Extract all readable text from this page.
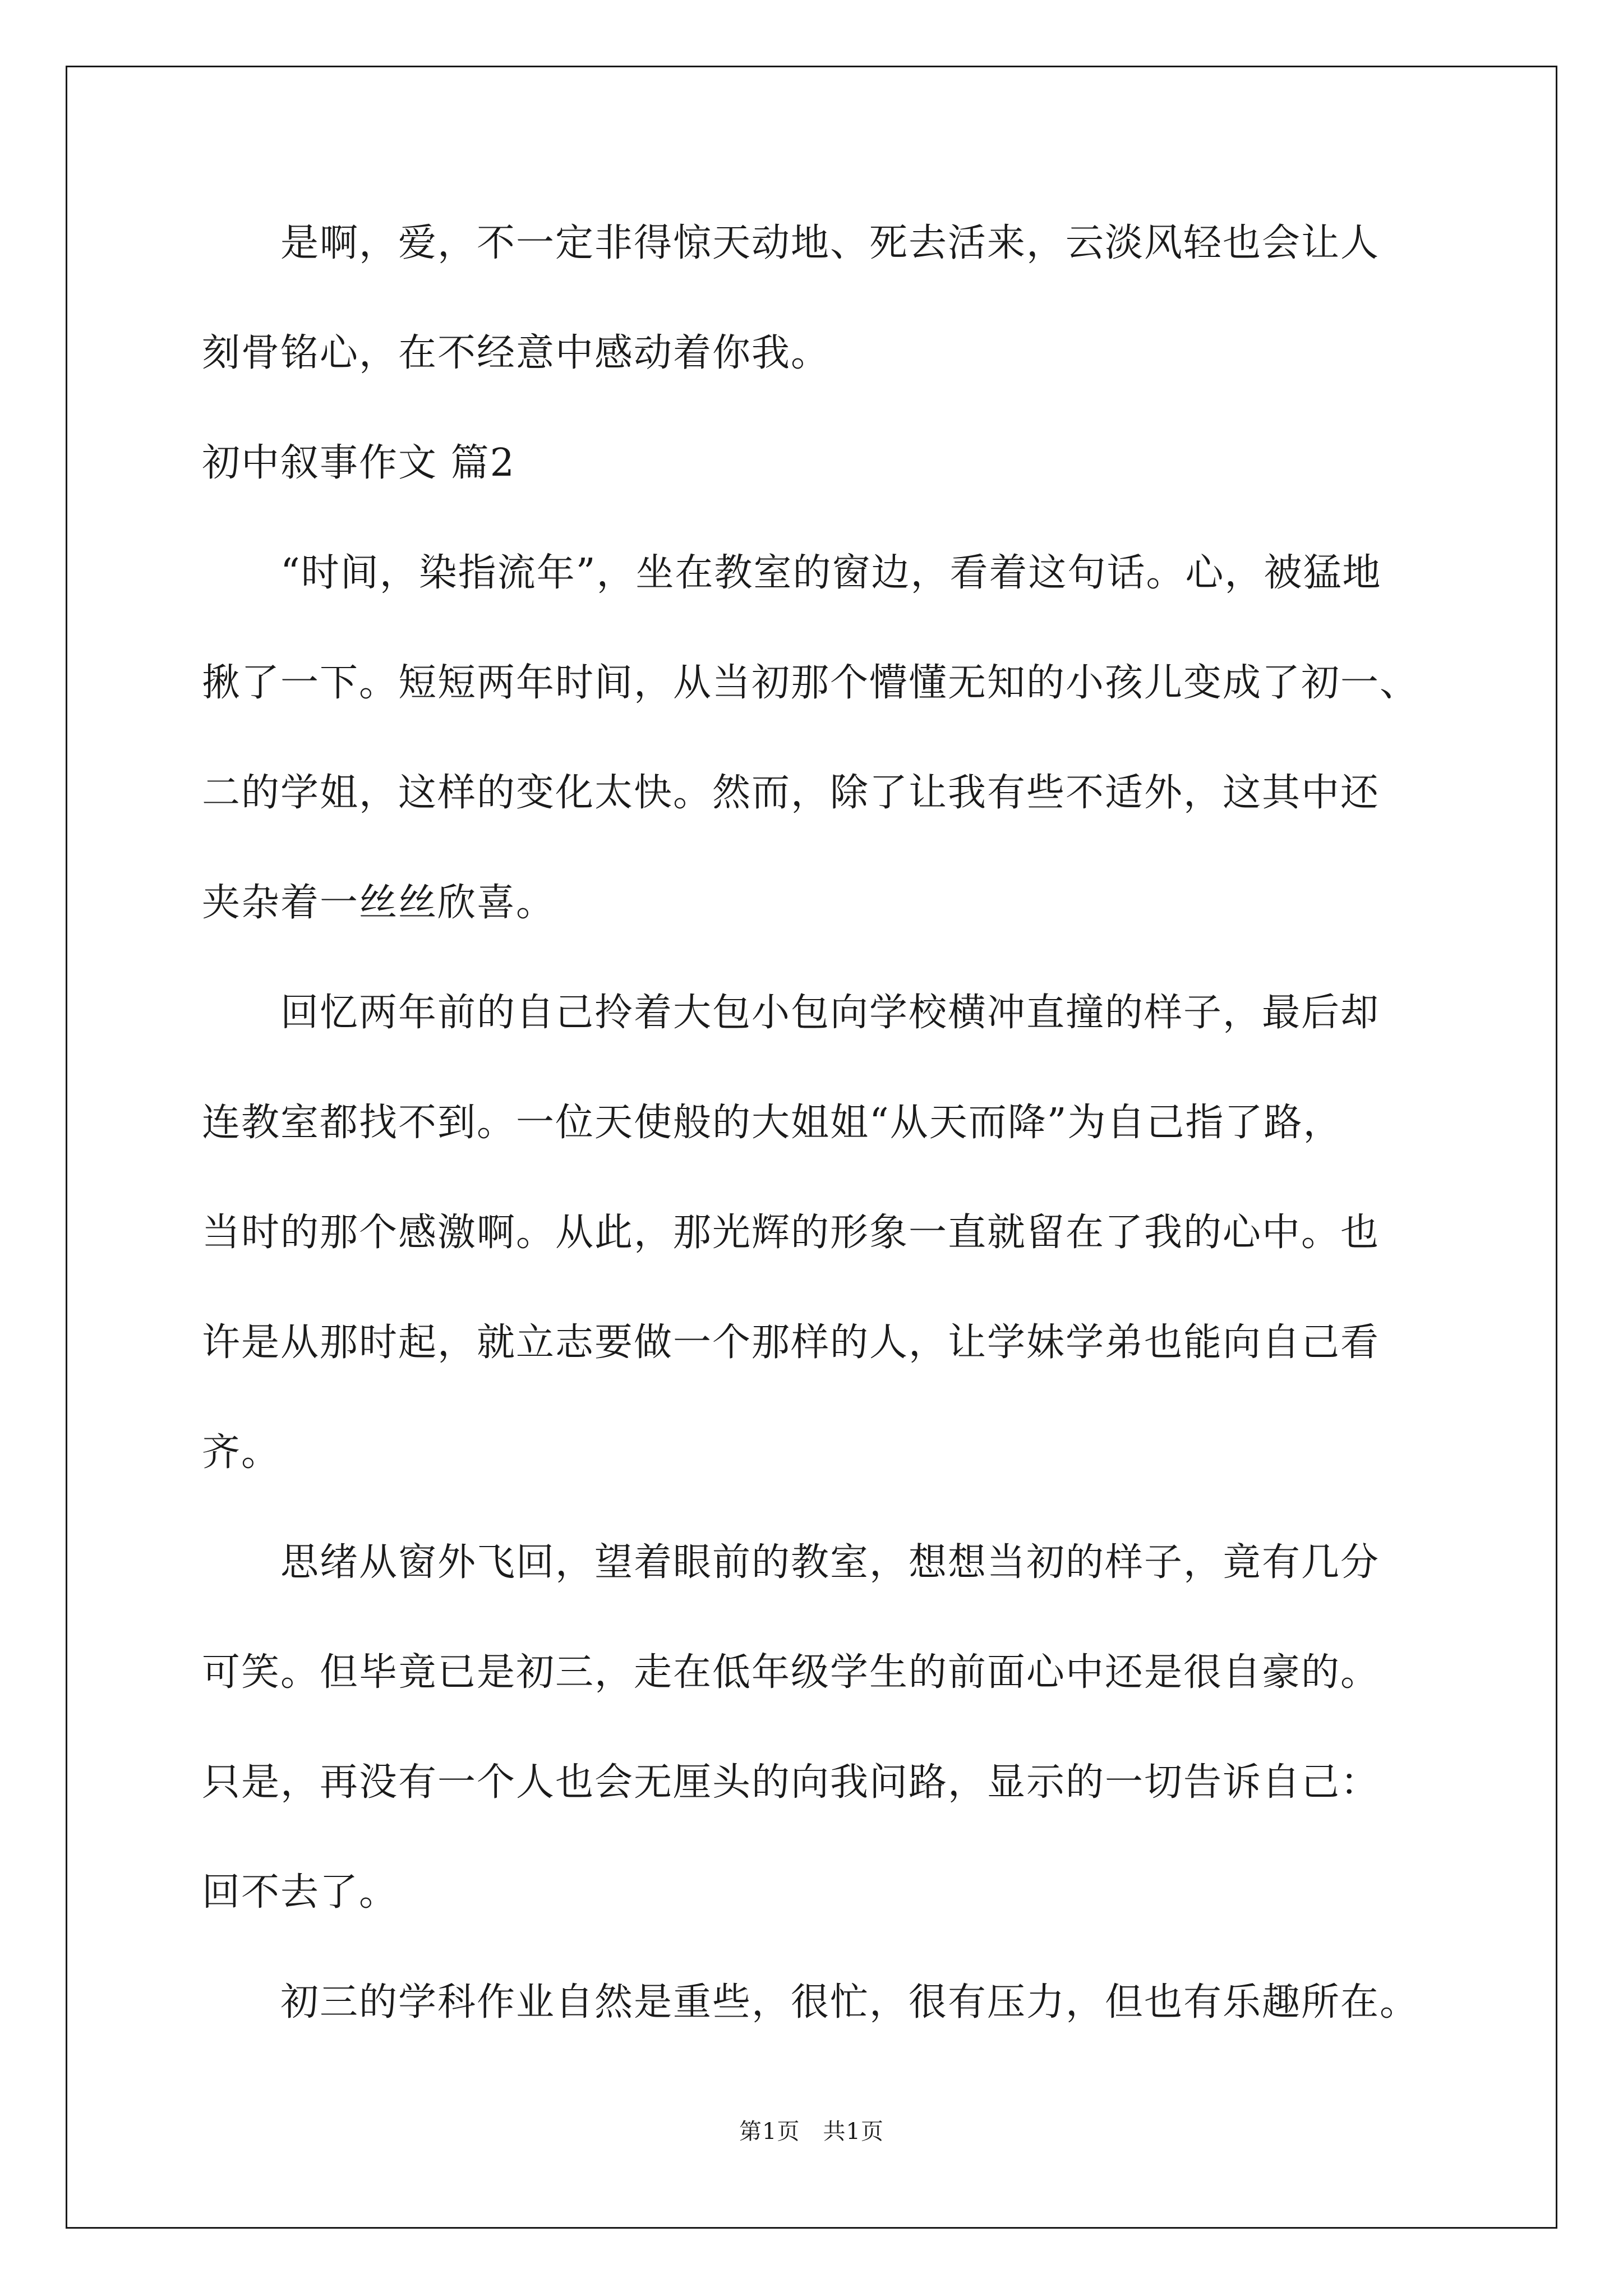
　　是啊，爱，不一定非得惊天动地、死去活来，云淡风轻也会让人
刻骨铭心，在不经意中感动着你我。
初中叙事作文 篇2
　　“时间，染指流年”，坐在教室的窗边，看着这句话。心，被猛地
揪了一下。短短两年时间，从当初那个懵懂无知的小孩儿变成了初一、
二的学姐，这样的变化太快。然而，除了让我有些不适外，这其中还
夹杂着一丝丝欣喜。
　　回忆两年前的自己拎着大包小包向学校横冲直撞的样子，最后却
连教室都找不到。一位天使般的大姐姐“从天而降”为自己指了路，
当时的那个感激啊。从此，那光辉的形象一直就留在了我的心中。也
许是从那时起，就立志要做一个那样的人，让学妹学弟也能向自己看
齐。
　　思绪从窗外飞回，望着眼前的教室，想想当初的样子，竟有几分
可笑。但毕竟已是初三，走在低年级学生的前面心中还是很自豪的。
只是，再没有一个人也会无厘头的向我问路，显示的一切告诉自己：
回不去了。
　　初三的学科作业自然是重些，很忙，很有压力，但也有乐趣所在。
第1页　共1页
